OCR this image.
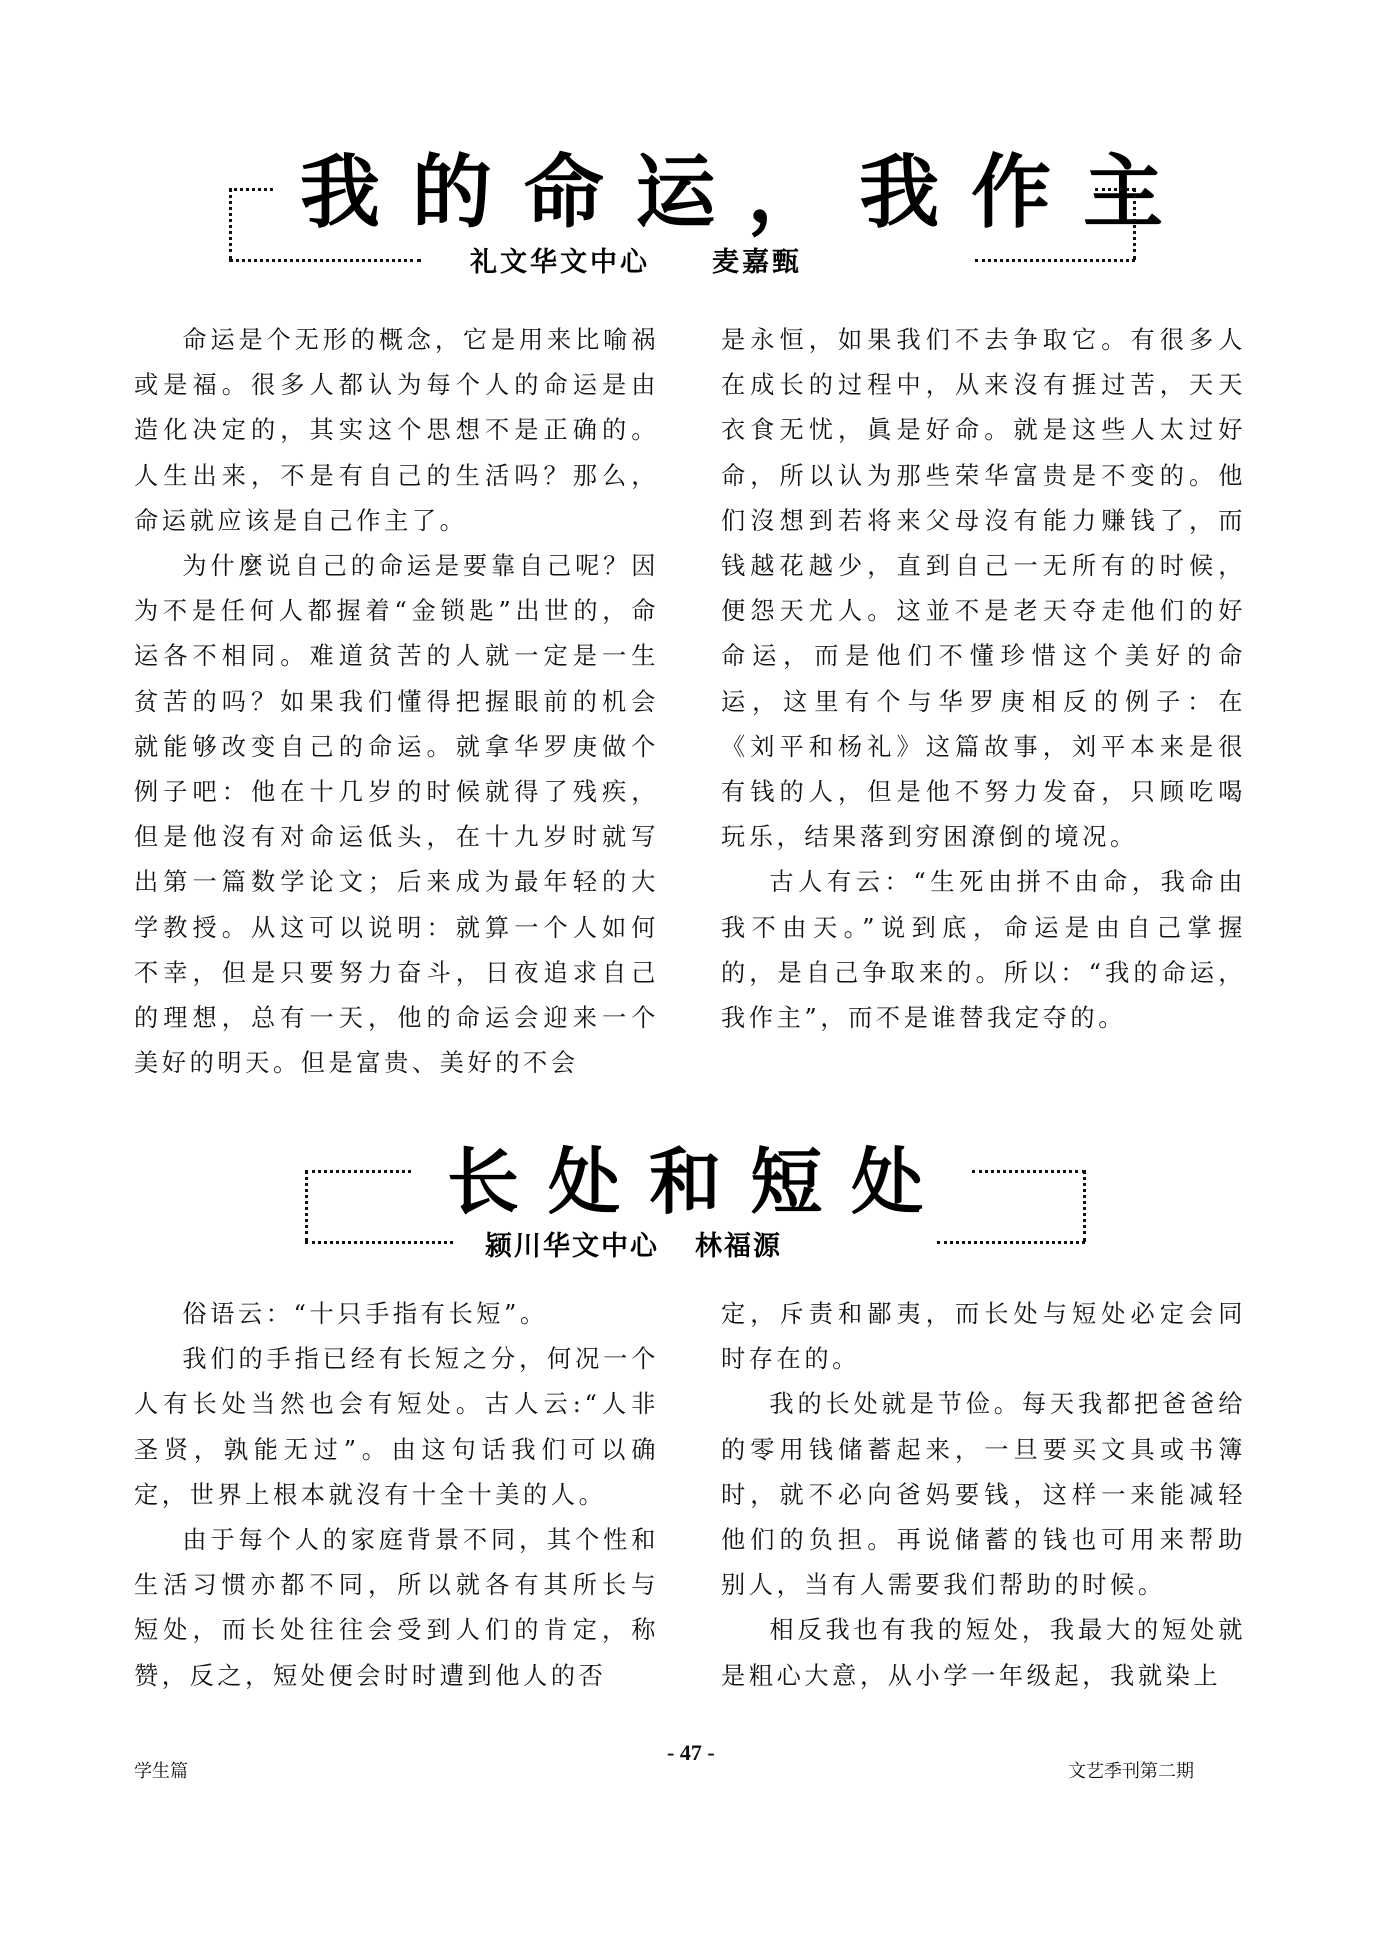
我 的 命 运 ， 我 作 主
礼文华文中心 麦嘉甄

命运是个无形的概念，它是用来比喻祸或是福。很多人都认为每个人的命运是由造化决定的，其实这个思想不是正确的。人生出来，不是有自己的生活吗？那么，命运就应该是自己作主了。

为什麼说自己的命运是要靠自己呢？因为不是任何人都握着“金锁匙”出世的，命运各不相同。难道贫苦的人就一定是一生贫苦的吗？如果我们懂得把握眼前的机会就能够改变自己的命运。就拿华罗庚做个例子吧：他在十几岁的时候就得了残疾，但是他沒有对命运低头，在十九岁时就写出第一篇数学论文；后来成为最年轻的大学教授。从这可以说明：就算一个人如何不幸，但是只要努力奋斗，日夜追求自己的理想，总有一天，他的命运会迎来一个美好的明天。但是富贵、美好的不会

是永恒，如果我们不去争取它。有很多人在成长的过程中，从来沒有捱过苦，天天衣食无忧，眞是好命。就是这些人太过好命，所以认为那些荣华富贵是不变的。他们沒想到若将来父母沒有能力赚钱了，而钱越花越少，直到自己一无所有的时候，便怨天尤人。这並不是老天夺走他们的好命运，而是他们不懂珍惜这个美好的命运，这里有个与华罗庚相反的例子：在《刘平和杨礼》这篇故事，刘平本来是很有钱的人，但是他不努力发奋，只顾吃喝玩乐，结果落到穷困潦倒的境况。

古人有云：“生死由拼不由命，我命由我不由天。”说到底，命运是由自己掌握的，是自己争取来的。所以：“我的命运，我作主”，而不是谁替我定夺的。

长 处 和 短 处
颍川华文中心 林福源

俗语云：“十只手指有长短”。

我们的手指已经有长短之分，何况一个人有长处当然也会有短处。古人云:“人非圣贤，孰能无过”。由这句话我们可以确定，世界上根本就沒有十全十美的人。

由于每个人的家庭背景不同，其个性和生活习惯亦都不同，所以就各有其所长与短处，而长处往往会受到人们的肯定，称赞，反之，短处便会时时遭到他人的否

定，斥责和鄙夷，而长处与短处必定会同时存在的。

我的长处就是节俭。每天我都把爸爸给的零用钱储蓄起来，一旦要买文具或书簿时，就不必向爸妈要钱，这样一来能减轻他们的负担。再说储蓄的钱也可用来帮助别人，当有人需要我们帮助的时候。

相反我也有我的短处，我最大的短处就是粗心大意，从小学一年级起，我就染上

学生篇
- 47 -
文艺季刊第二期
